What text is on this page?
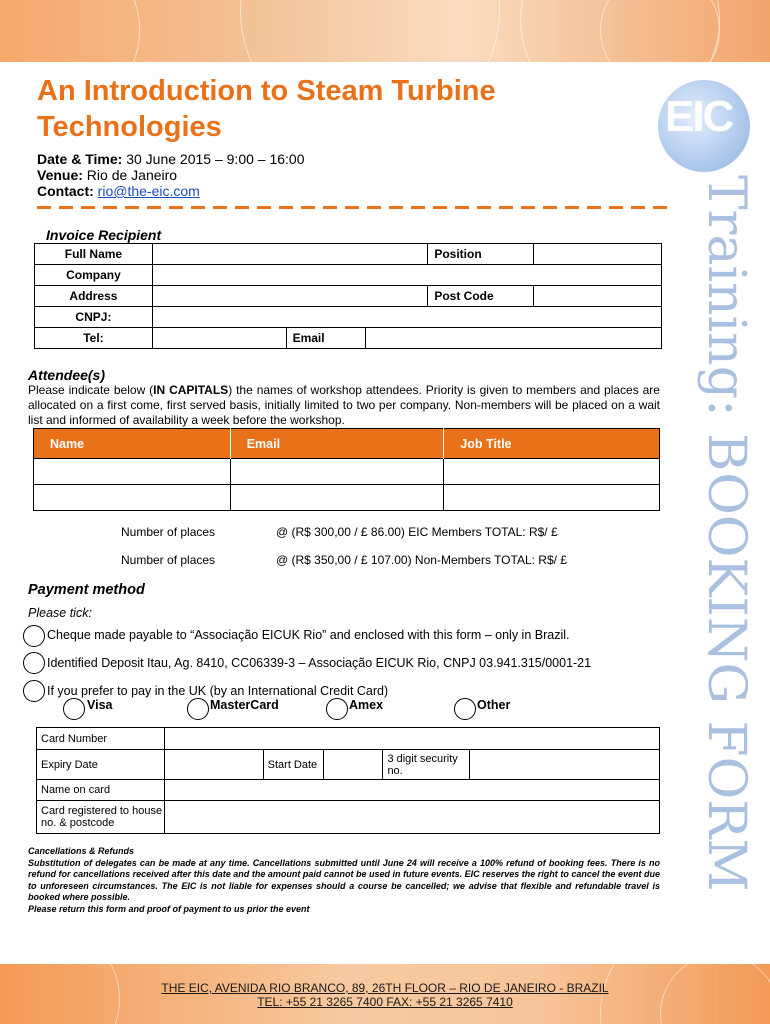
EIC
Training: BOOKING FORM
An Introduction to Steam Turbine Technologies
Date & Time: 30 June 2015 – 9:00 – 16:00
Venue: Rio de Janeiro
Contact: rio@the-eic.com
Invoice Recipient
Full Name				Position	
Company					
Address				Post Code	
CNPJ:					
Tel:		Email			
Attendee(s)
Please indicate below (IN CAPITALS) the names of workshop attendees. Priority is given to members and places are allocated on a first come, first served basis, initially limited to two per company. Non-members will be placed on a wait list and informed of availability a week before the workshop.
Name	Email	Job Title

Number of places	@ (R$ 300,00 / £ 86.00) EIC Members TOTAL: R$/ £
Number of places	@ (R$ 350,00 / £ 107.00) Non-Members TOTAL: R$/ £
Payment method
Please tick:
Cheque made payable to “Associação EICUK Rio” and enclosed with this form – only in Brazil.
Identified Deposit Itau, Ag. 8410, CC06339-3 – Associação EICUK Rio, CNPJ 03.941.315/0001-21
If you prefer to pay in the UK (by an International Credit Card)
Visa	MasterCard	Amex	Other
Card Number					
Expiry Date		Start Date		3 digit security no.	
Name on card					
Card registered to house no. & postcode					
Cancellations & Refunds
Substitution of delegates can be made at any time. Cancellations submitted until June 24 will receive a 100% refund of booking fees. There is no refund for cancellations received after this date and the amount paid cannot be used in future events. EIC reserves the right to cancel the event due to unforeseen circumstances. The EIC is not liable for expenses should a course be cancelled; we advise that flexible and refundable travel is booked where possible.
Please return this form and proof of payment to us prior the event
THE EIC, AVENIDA RIO BRANCO, 89, 26TH FLOOR – RIO DE JANEIRO - BRAZIL
TEL: +55 21 3265 7400 FAX: +55 21 3265 7410
